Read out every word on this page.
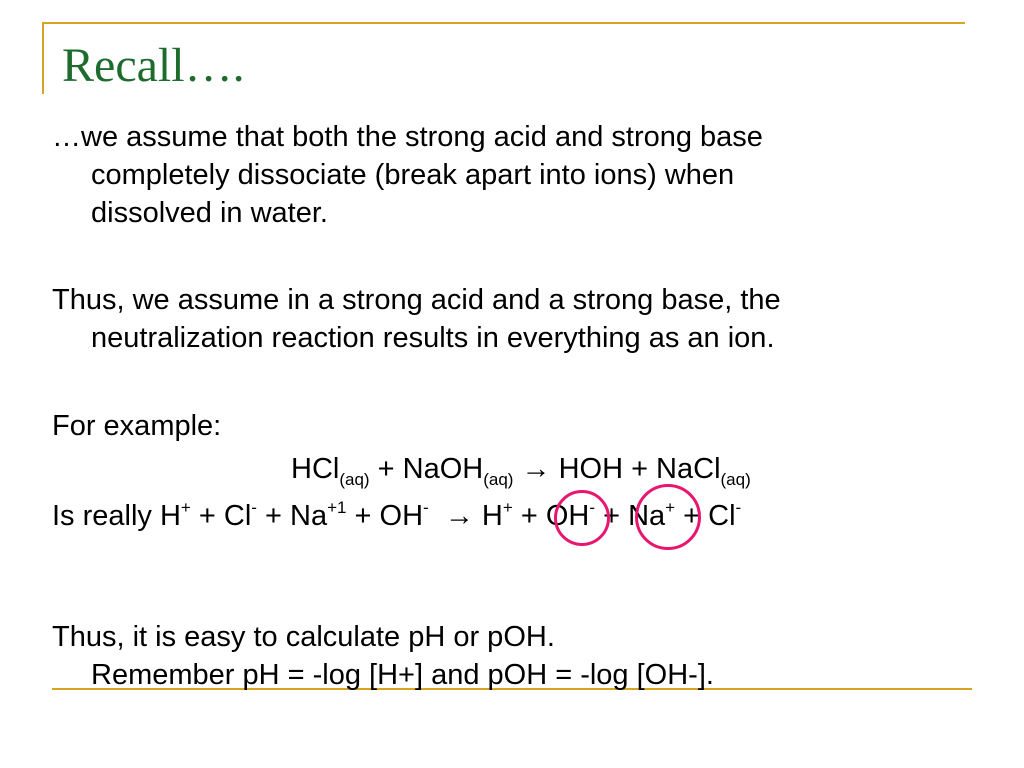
Recall….
…we assume that both the strong acid and strong base
completely dissociate (break apart into ions) when
dissolved in water.
Thus, we assume in a strong acid and a strong base, the
neutralization reaction results in everything as an ion.
For example:
HCl$_{(aq)}$ + NaOH$_{(aq)}$ → HOH + NaCl$_{(aq)}$
Is really $H^+ + Cl^- + Na^{+1} + OH^- \to H^+ + OH^- + Na^+ + Cl^-$
Thus, it is easy to calculate pH or pOH.
Remember pH = -log [H+] and pOH = -log [OH-].
